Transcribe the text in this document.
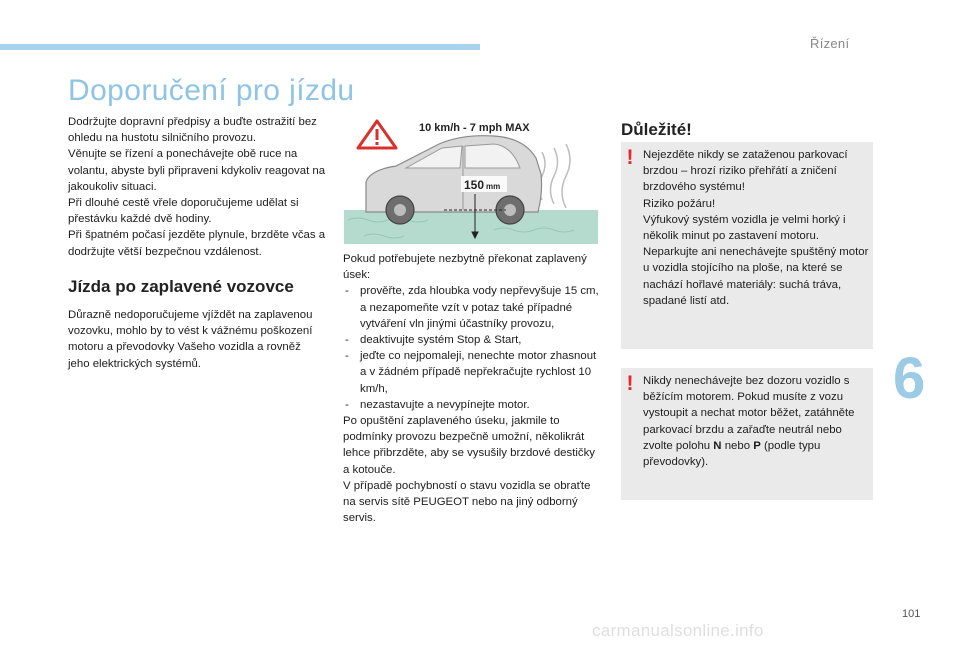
Řízení
Doporučení pro jízdu

Dodržujte dopravní předpisy a buďte ostražití bez ohledu na hustotu silničního provozu.

Věnujte se řízení a ponechávejte obě ruce na volantu, abyste byli připraveni kdykoliv reagovat na jakoukoliv situaci.

Při dlouhé cestě vřele doporučujeme udělat si přestávku každé dvě hodiny.

Při špatném počasí jezděte plynule, brzděte včas a dodržujte větší bezpečnou vzdálenost.

Jízda po zaplavené vozovce
Důrazně nedoporučujeme vjíždět na zaplavenou vozovku, mohlo by to vést k vážnému poškození motoru a převodovky Vašeho vozidla a rovněž jeho elektrických systémů.
10 km/h - 7 mph MAX
150 mm

Pokud potřebujete nezbytně překonat zaplavený úsek:

- prověřte, zda hloubka vody nepřevyšuje 15 cm, a nezapomeňte vzít v potaz také případné vytváření vln jinými účastníky provozu,
- deaktivujte systém Stop & Start,
- jeďte co nejpomaleji, nenechte motor zhasnout a v žádném případě nepřekračujte rychlost 10 km/h,
- nezastavujte a nevypínejte motor.

Po opuštění zaplaveného úseku, jakmile to podmínky provozu bezpečně umožní, několikrát lehce přibrzděte, aby se vysušily brzdové destičky a kotouče.

V případě pochybností o stavu vozidla se obraťte na servis sítě PEUGEOT nebo na jiný odborný servis.

Důležité!
! Nejezděte nikdy se zataženou parkovací brzdou – hrozí riziko přehřátí a zničení brzdového systému!

Riziko požáru!

Výfukový systém vozidla je velmi horký i několik minut po zastavení motoru.

Neparkujte ani nenechávejte spuštěný motor u vozidla stojícího na ploše, na které se nachází hořlavé materiály: suchá tráva, spadané listí atd.

! Nikdy nenechávejte bez dozoru vozidlo s běžícím motorem. Pokud musíte z vozu vystoupit a nechat motor běžet, zatáhněte parkovací brzdu a zařaďte neutrál nebo zvolte polohu N nebo P (podle typu převodovky).
6
101
carmanualsonline.info
